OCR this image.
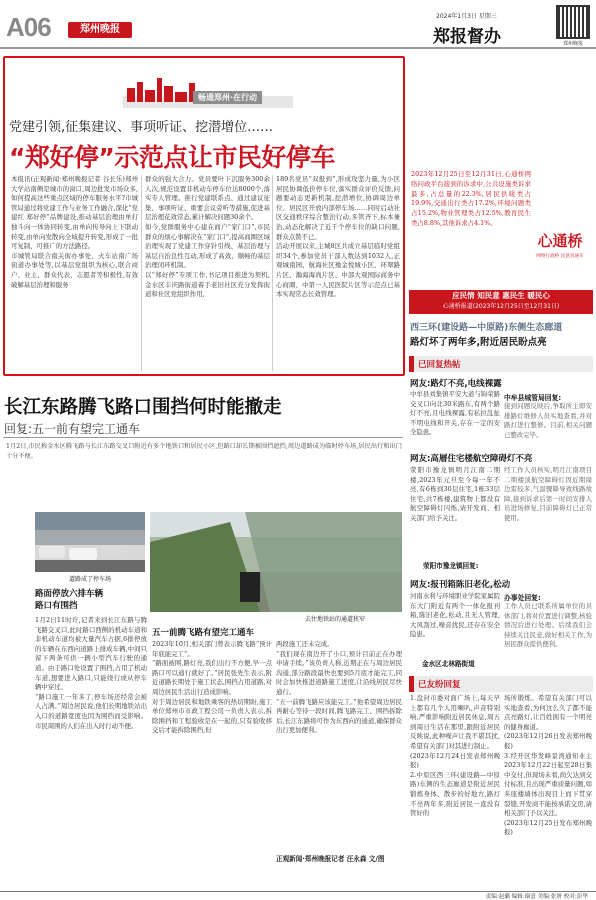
A06	郑州晚报
2024年1月3日 星期三
郑报督办	郑州晚报
畅通郑州·在行动
党建引领,征集建议、事项听证、挖潜增位……
“郑好停”示范点让市民好停车
本报讯(正观新闻·郑州晚报记者 谷长乐)郑州大学站南侧是城市的窗口,周边批发市场众多,如何提高这些重点区域的停车服务水平?市城管局通过将党建工作与业务工作融合,深化“党建红 郑好停”品牌建设,推动基层治理由单打独斗向一体协同转变,由单向传导向上下联动转变,由单向发散向全域提升转变,形成了一批可复制、可推广的方法路径。
市城管局联合南关街办事处、火车站南广场街道办事处等,以基层党组织为核心,联合商户、业主、群众代表、志愿者等积极性,有效破解基层治理和服务
群众的强大合力。党员要叶下沉服务300余人次,规范设置非机动车停车位达8000个,落实专人管理。推行党建联系点、通过建议征集、事项听证、重要会议旁听等措施,促进基层治理花效常态,累计解决问题30余个。
如今,党群服务中心建在商户“家门口”,市民群众的烦心事解决在“家门口”,提高商圈区域治理实现了党建工作穿针引线、基层治理与基层自治良性互动,形成了高效、顺畅的基层治理闭环机制。
以“郑好停”专项工作,书记项目推进为契机,金水区丰庆路街道着手老旧社区充分发挥街道和社区党组织作用,
189名党员“双报到”,形成攻坚力量,为小区居民协调低价停车位,落实群众评价反馈,问题要动态更新机制,挖潜增位,协调周边单位、居民区开放内部停车场……同时启动社区交通秩序综合整治行动,多管齐下,标本兼治,动态化解决了近千个停车位的缺口问题,群众点赞不已。
活动开展以来,主城8区共成立基层临时党组织34个,参加党员干部人数达到1032人,正观城南园、航海社区豫金悦城小区、环翠路片区、瀚海海尚片区、中部大观国际商务中心商圈、中第一人民医院片区等示范点已基本实现常态长效管理。
2023年12月25日至12月31日,心通桥网络问政平台接到的诉求中,公共设施类诉求最多,占总量的22.3%,居民供暖类占19.9%,交通出行类占17.2%,环境问题类占15.2%,物业管理类占12.5%,教育民生类占8.8%,其他诉求占4.1%。
心通桥
网络行政桥 民意直通车
应民情 知民意 惠民生 暖民心
心通桥报道(2023年12月25日至12月31日)
西三环(建设路—中原路)东侧生态廊道
路灯坏了两年多,附近居民盼点亮
已回复热帖
网友:路灯不亮,电线裸露
中牟县刘集镇平安大道与锦荣路交叉口向北30米路东,有两个路灯不亮,且电线裸露,有私拉乱扯不明电线和开关,存在一定的安全隐患。
中牟县城管局回复:
接到问题反映后,争取所主即安排路灯维修人员实地查看,并对路灯进行整修。目前,相关问题已整改完毕。
网友:高層住宅楼航空障碍灯不亮
荥阳市豫龙镇明月江南二期楼,2023年元旦至今每一年不亮,有6栋到30层住宅,1栋33层住宅,共7栋楼,建筑物上都没有航空障碍灯闪烁,请开发商、相关部门给予关注。
荥阳市豫龙镇回复:
经工作人员核实,明月江南项目二期楼顶航空障碍灯因近期周边雷较多,气温骤降导致线路故障,接到诉求后第一时间安排人员进场修复,目前障碍灯已正常使用。
网友:报刊箱陈旧老化,松动
河南水利与环境职业学院家属院东大门附近有两个一体化报刊箱,陈旧老化,松动,且无人管理,大风刮过,噪音扰民,还存在安全隐患。
金水区北林路街道
办事处回复:
工作人员已联系所属单位的具体部门,将对位置进行调整,核验情况后进行处理。后续我们会持续关注民意,做好相关工作,为居民群众提供便利。
已友纷回复
1.盘封市委对面广场上,每天早上都有几个人用喇叭,声音特别响,严重影响附近居民休息,周五到周日生活在那里,跟附近居民反映说,此种噪声让我不堪其扰,希望有关部门对其进行制止。
(2023年12月24日发表郑州晚报)
2.中原区西三环(建设路—中原路)东侧的生态廊道是附近居民锻炼身体、散步的好地方,路灯不亮两年多,附近居民一直没有管好的
场所锻炼。希望有关部门可以实地查看,为何这么久了都不能点亮路灯,让百姓拥有一个明亮的健身廊道。
(2023年12月26日发表郑州晚报)
3.经开区华发峰景湾通知业主2023年12月22日起至28日集中交付,但现场未看,尚欠达到交付标准,且出现严重质量问题,如多座楼墙体出现目上而下贯穿裂缝,开发商不能按承诺交房,请相关部门予以关注。
(2023年12月25日发布郑州晚报)
长江东路腾飞路口围挡何时能撤走
回复:五一前有望完工通车
1月2日,市民称金水区腾飞路与长江东路交叉口附近有多个地铁口和居民小区,但路口却长期被围挡遮挡,周边道路成为临时停车场,居民出行和出门十分不便。
道路成了停车场
去往地铁站的通道狭窄
路面停放六排车辆
路口有围挡
1月2日11时许,记者来到长江东路与腾飞路交叉口,此时路口西侧的机动车道和非机动车道均被大量汽车占据,6排停放的车辆在东西向道路上排成车辆,中间只留下两条可供一辆小型汽车行驶的通道。由于路口处设置了围挡,占用了机动车道,想要进入路口,只能绕行或从停车辆中穿过。
“路口施工一年多了,停车场还经常会被人占满。”周边居民说,他们长期地铁站出入口的道路宽度也因为围挡而受影响。市民周围的人们在出入时行动不便。
五一前腾飞路有望完工通车
2023年10月,相关部门曾表示腾飞路“预计年底能完工”。
“路面被围,路灯亮,我们出行不方便,早一点路口可以通行就好了。”居民张先生表示,附近道路长期处于施工状态,围挡占用道路,对周边居民生活出行造成影响。
对于周边居民和地铁乘客的热切期盼,施工单位郑州市市政工程公司一负责人表示,拆除围挡和工程验收是在一起的,只有验收移交后才能拆除围挡,但
两段施工还未完成。
“我们现在南边开了小口,预计目前正在办理申请手续。”该负责人称,近期正在与周边居民沟通,部分路段最快也要到5月底才能完工,同时会加快推进道路施工进度,让沿线居民尽快通行。
“五一前腾飞路应该能完工。”他希望周边居民再耐心等待一段时间,腾飞路完工、围挡拆除后,长江东路将可作为东西向的通道,确保群众出行更加便利。
正观新闻·郑州晚报记者 汪永森 文/图
责编:赵璐 编辑:谢意 美编:张妍 校对:彭华
